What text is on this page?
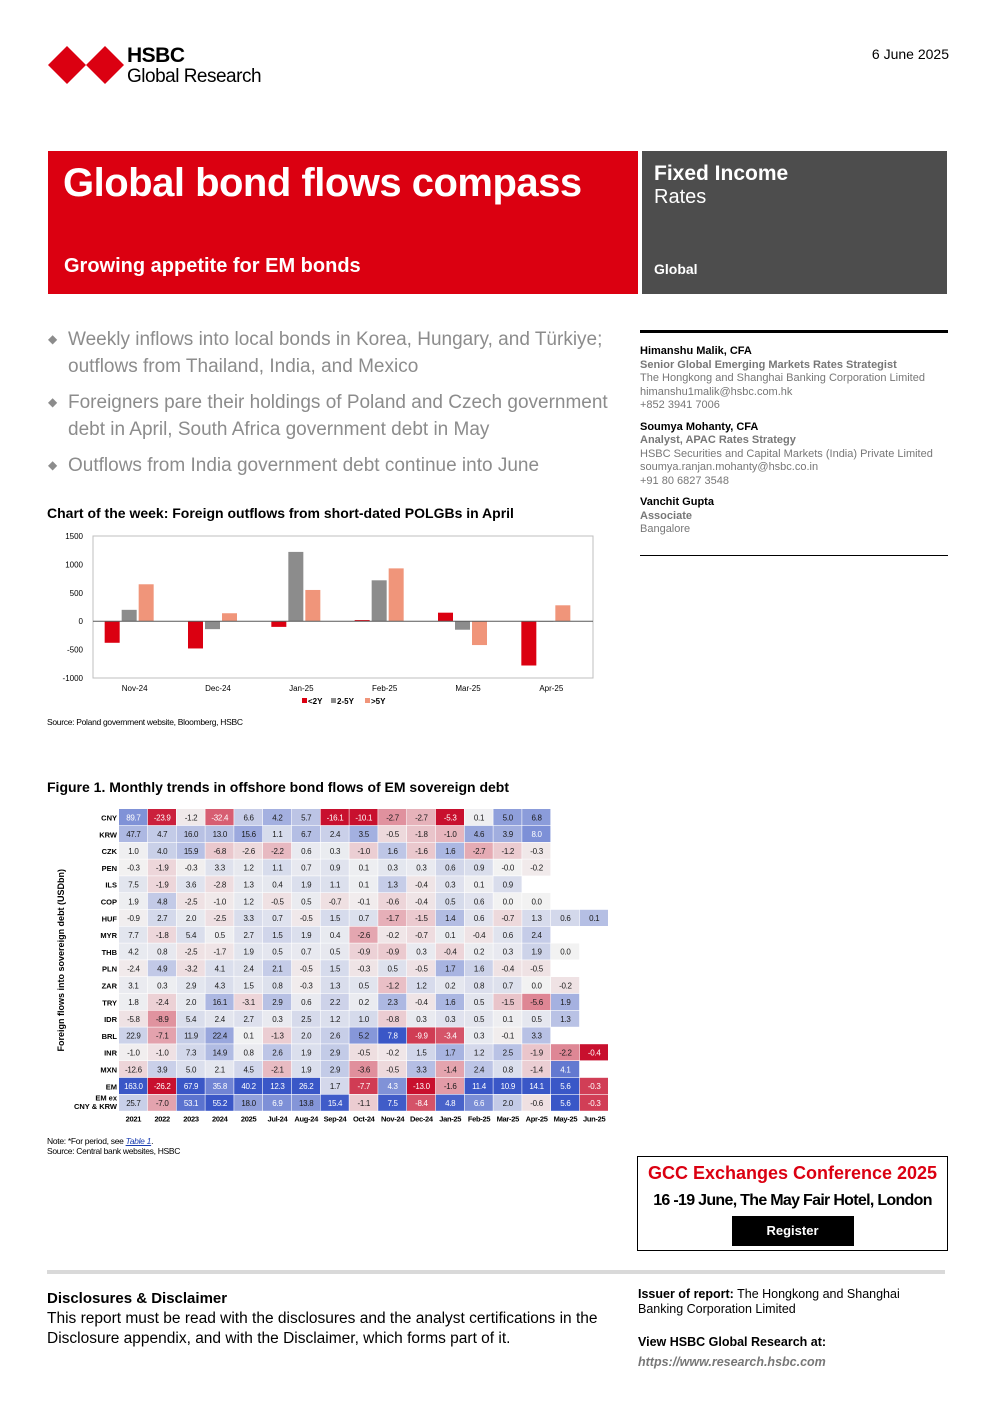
HSBC
Global Research
6 June 2025
Global bond flows compass
Growing appetite for EM bonds
Fixed Income
Rates
Global
◆ Weekly inflows into local bonds in Korea, Hungary, and Türkiye; outflows from Thailand, India, and Mexico
◆ Foreigners pare their holdings of Poland and Czech government debt in April, South Africa government debt in May
◆ Outflows from India government debt continue into June
Himanshu Malik, CFA
Senior Global Emerging Markets Rates Strategist
The Hongkong and Shanghai Banking Corporation Limited
himanshu1malik@hsbc.com.hk
+852 3941 7006
Soumya Mohanty, CFA
Analyst, APAC Rates Strategy
HSBC Securities and Capital Markets (India) Private Limited
soumya.ranjan.mohanty@hsbc.co.in
+91 80 6827 3548
Vanchit Gupta
Associate
Bangalore
Chart of the week: Foreign outflows from short-dated POLGBs in April
1500
1000
500
0
-500
-1000
Nov-24	Dec-24	Jan-25	Feb-25	Mar-25	Apr-25
<2Y 2-5Y >5Y
Source: Poland government website, Bloomberg, HSBC
Figure 1. Monthly trends in offshore bond flows of EM sovereign debt
Foreign flows into sovereign debt (USDbn)
CNY 89.7 -23.9 -1.2 -32.4 6.6 4.2 5.7 -16.1 -10.1 -2.7 -2.7 -5.3 0.1 5.0 6.8
KRW 47.7 4.7 16.0 13.0 15.6 1.1 6.7 2.4 3.5 -0.5 -1.8 -1.0 4.6 3.9 8.0
CZK 1.0 4.0 15.9 -6.8 -2.6 -2.2 0.6 0.3 -1.0 1.6 -1.6 1.6 -2.7 -1.2 -0.3
PEN -0.3 -1.9 -0.3 3.3 1.2 1.1 0.7 0.9 0.1 0.3 0.3 0.6 0.9 -0.0 -0.2
ILS 7.5 -1.9 3.6 -2.8 1.3 0.4 1.9 1.1 0.1 1.3 -0.4 0.3 0.1 0.9
COP 1.9 4.8 -2.5 -1.0 1.2 -0.5 0.5 -0.7 -0.1 -0.6 -0.4 0.5 0.6 0.0 0.0
HUF -0.9 2.7 2.0 -2.5 3.3 0.7 -0.5 1.5 0.7 -1.7 -1.5 1.4 0.6 -0.7 1.3 0.6 0.1
MYR 7.7 -1.8 5.4 0.5 2.7 1.5 1.9 0.4 -2.6 -0.2 -0.7 0.1 -0.4 0.6 2.4
THB 4.2 0.8 -2.5 -1.7 1.9 0.5 0.7 0.5 -0.9 -0.9 0.3 -0.4 0.2 0.3 1.9 0.0
PLN -2.4 4.9 -3.2 4.1 2.4 2.1 -0.5 1.5 -0.3 0.5 -0.5 1.7 1.6 -0.4 -0.5
ZAR 3.1 0.3 2.9 4.3 1.5 0.8 -0.3 1.3 0.5 -1.2 1.2 0.2 0.8 0.7 0.0 -0.2
TRY 1.8 -2.4 2.0 16.1 -3.1 2.9 0.6 2.2 0.2 2.3 -0.4 1.6 0.5 -1.5 -5.6 1.9
IDR -5.8 -8.9 5.4 2.4 2.7 0.3 2.5 1.2 1.0 -0.8 0.3 0.3 0.5 0.1 0.5 1.3
BRL 22.9 -7.1 11.9 22.4 0.1 -1.3 2.0 2.6 5.2 7.8 -9.9 -3.4 0.3 -0.1 3.3
INR -1.0 -1.0 7.3 14.9 0.8 2.6 1.9 2.9 -0.5 -0.2 1.5 1.7 1.2 2.5 -1.9 -2.2 -0.4
MXN -12.6 3.9 5.0 2.1 4.5 -2.1 1.9 2.9 -3.6 -0.5 3.3 -1.4 2.4 0.8 -1.4 4.1
EM 163.0 -26.2 67.9 35.8 40.2 12.3 26.2 1.7 -7.7 4.3 -13.0 -1.6 11.4 10.9 14.1 5.6 -0.3
EM ex
CNY & KRW 25.7 -7.0 53.1 55.2 18.0 6.9 13.8 15.4 -1.1 7.5 -8.4 4.8 6.6 2.0 -0.6 5.6 -0.3
2021 2022 2023 2024 2025 Jul-24 Aug-24 Sep-24 Oct-24 Nov-24 Dec-24 Jan-25 Feb-25 Mar-25 Apr-25 May-25 Jun-25
Note: *For period, see Table 1.
Source: Central bank websites, HSBC
GCC Exchanges Conference 2025
16 -19 June, The May Fair Hotel, London
Register
Disclosures & Disclaimer
This report must be read with the disclosures and the analyst certifications in the Disclosure appendix, and with the Disclaimer, which forms part of it.
Issuer of report: The Hongkong and Shanghai Banking Corporation Limited
View HSBC Global Research at:
https://www.research.hsbc.com
